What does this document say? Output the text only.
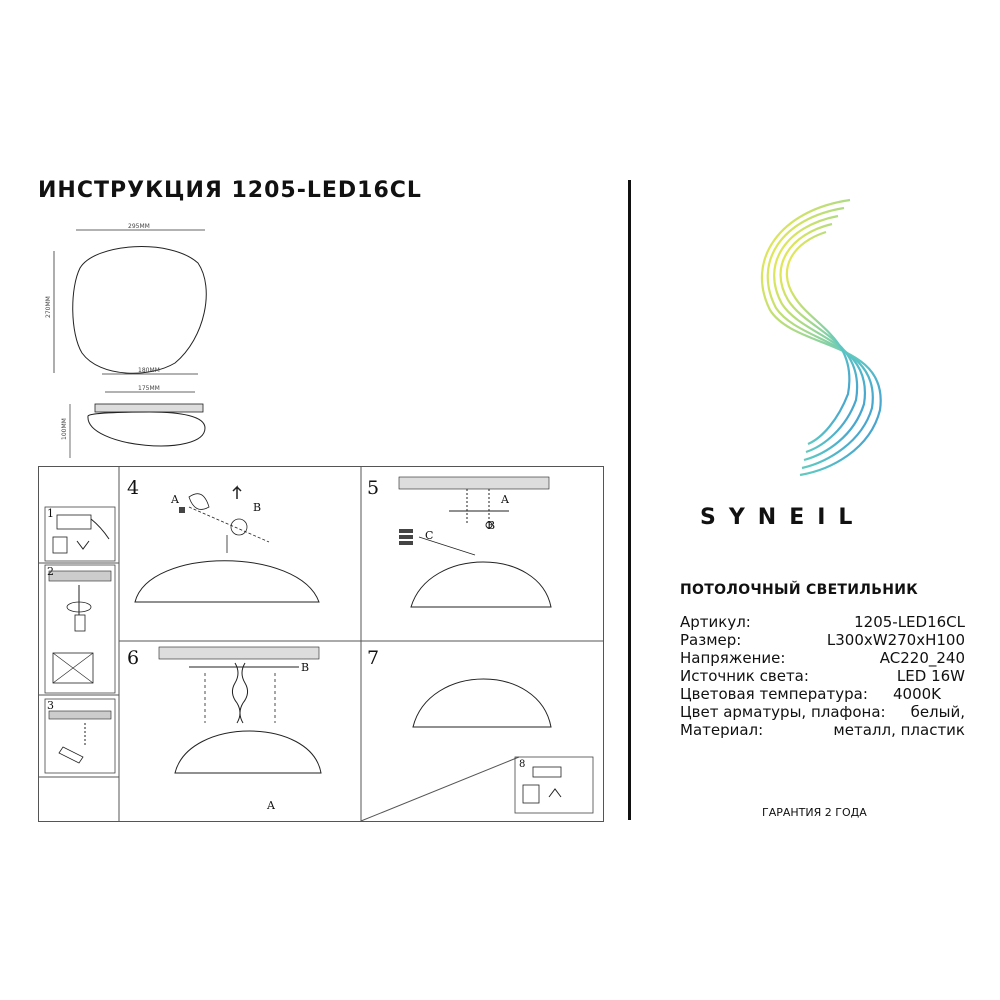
ИНСТРУКЦИЯ 1205-LED16CL
295MM
270MM
180MM
175MM
100MM
1
2
3
4	5
6	7
8
A
B
A
B
C
B
A
SYNEIL
ПОТОЛОЧНЫЙ СВЕТИЛЬНИК
Артикул:	1205-LED16CL
Размер:	L300xW270xH100
Напряжение:	AC220_240
Источник света:	LED 16W
Цветовая температура: 4000K
Цвет арматуры, плафона: белый,
Материал:	металл, пластик
ГАРАНТИЯ 2 ГОДА
